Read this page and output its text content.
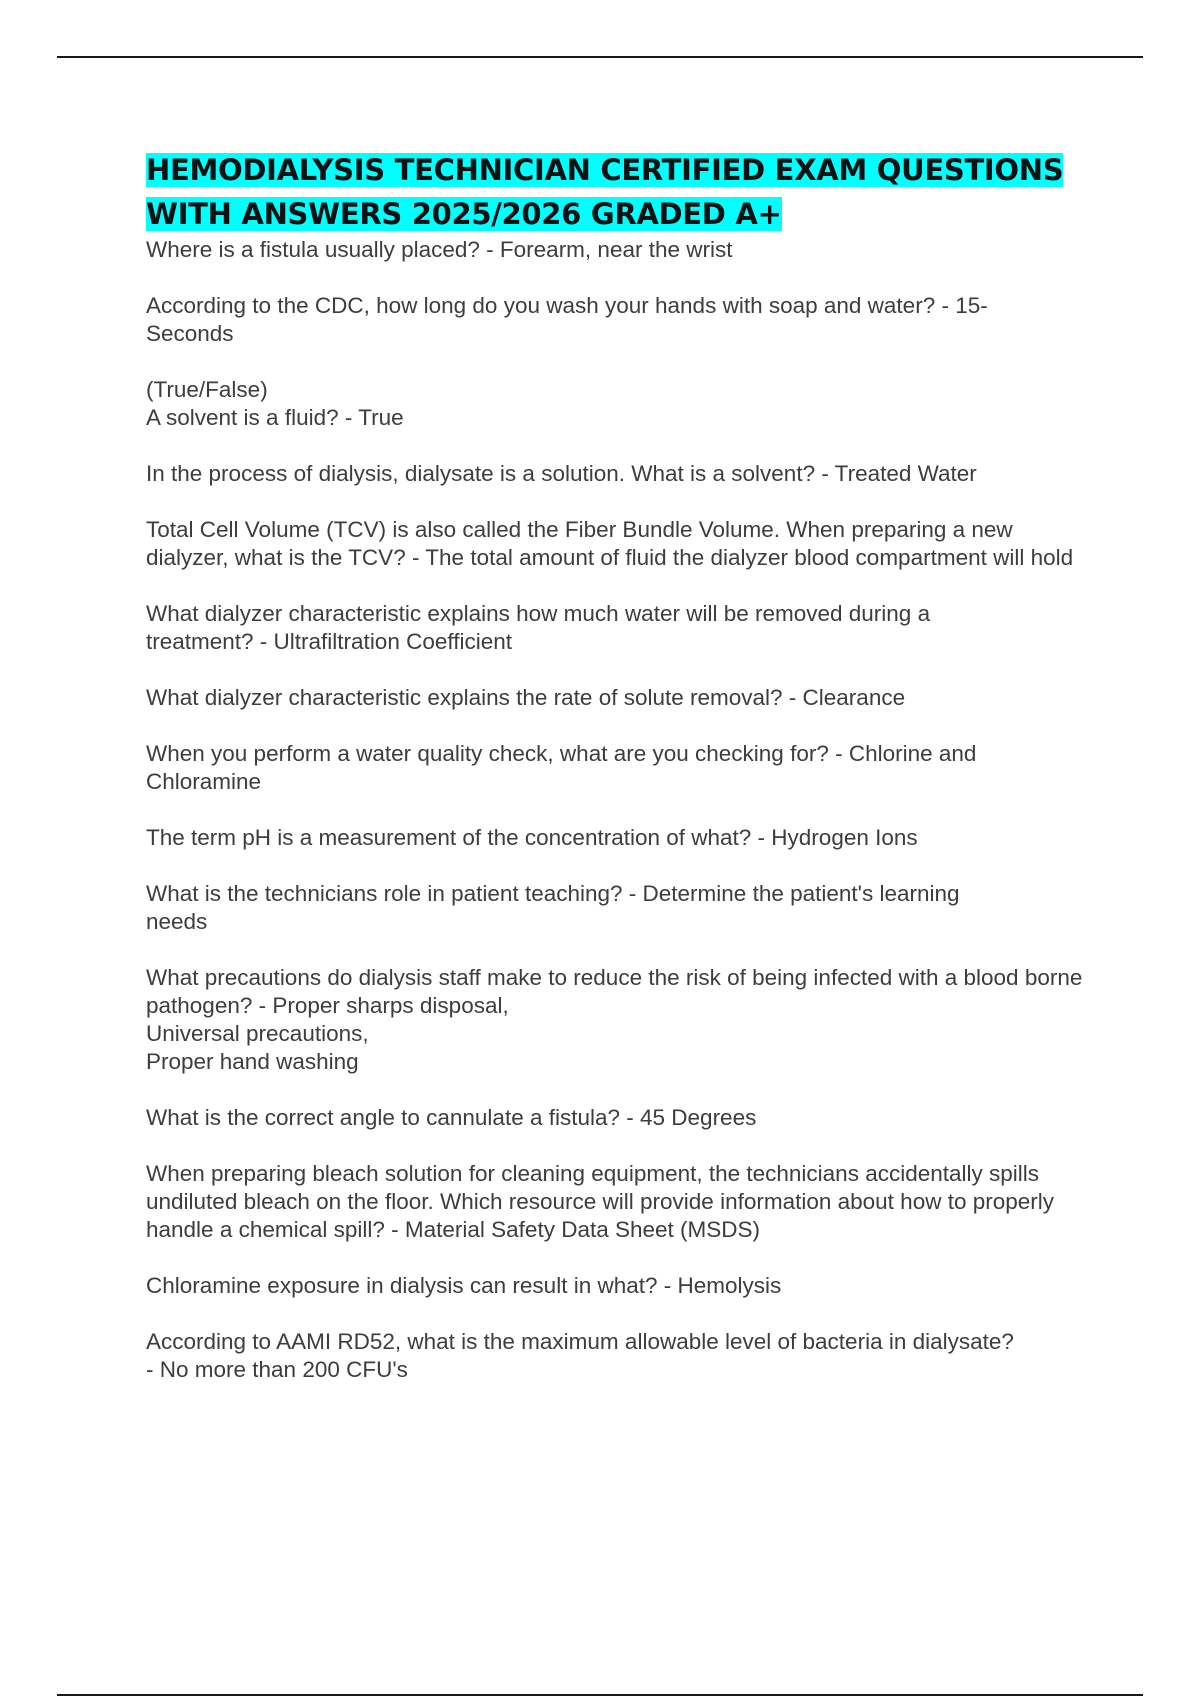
HEMODIALYSIS TECHNICIAN CERTIFIED EXAM QUESTIONS WITH ANSWERS 2025/2026 GRADED A+
Where is a fistula usually placed? - Forearm, near the wrist
According to the CDC, how long do you wash your hands with soap and water? - 15-
Seconds
(True/False)
A solvent is a fluid? - True
In the process of dialysis, dialysate is a solution. What is a solvent? - Treated Water
Total Cell Volume (TCV) is also called the Fiber Bundle Volume. When preparing a new dialyzer, what is the TCV? - The total amount of fluid the dialyzer blood compartment will hold
What dialyzer characteristic explains how much water will be removed during a
treatment? - Ultrafiltration Coefficient
What dialyzer characteristic explains the rate of solute removal? - Clearance
When you perform a water quality check, what are you checking for? - Chlorine and
Chloramine
The term pH is a measurement of the concentration of what? - Hydrogen Ions
What is the technicians role in patient teaching? - Determine the patient's learning
needs
What precautions do dialysis staff make to reduce the risk of being infected with a blood borne pathogen? - Proper sharps disposal,
Universal precautions,
Proper hand washing
What is the correct angle to cannulate a fistula? - 45 Degrees
When preparing bleach solution for cleaning equipment, the technicians accidentally spills undiluted bleach on the floor. Which resource will provide information about how to properly handle a chemical spill? - Material Safety Data Sheet (MSDS)
Chloramine exposure in dialysis can result in what? - Hemolysis
According to AAMI RD52, what is the maximum allowable level of bacteria in dialysate?
- No more than 200 CFU's
